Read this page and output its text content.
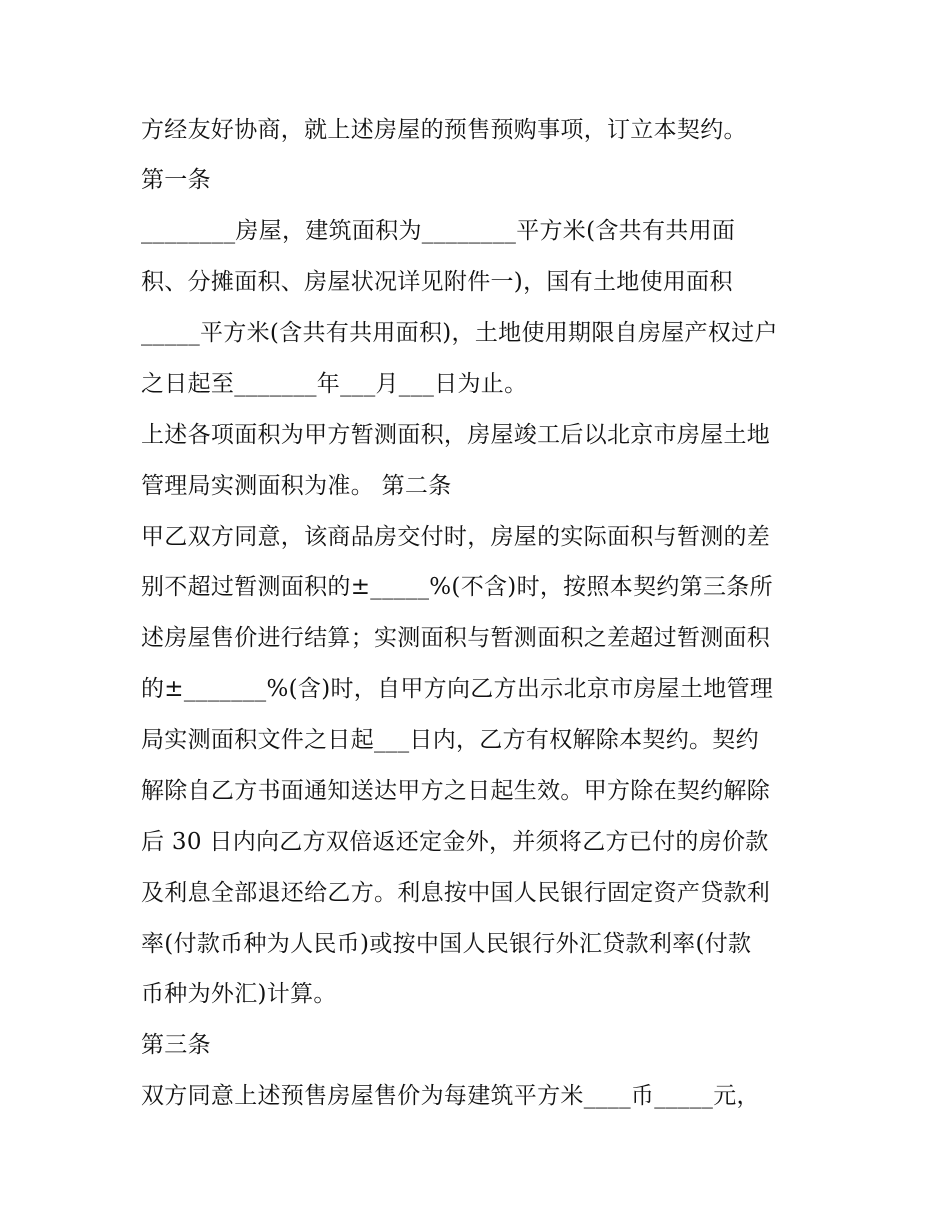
方经友好协商，就上述房屋的预售预购事项，订立本契约。
第一条
________房屋，建筑面积为________平方米(含共有共用面
积、分摊面积、房屋状况详见附件一)，国有土地使用面积
_____平方米(含共有共用面积)，土地使用期限自房屋产权过户
之日起至_______年___月___日为止。
上述各项面积为甲方暂测面积，房屋竣工后以北京市房屋土地
管理局实测面积为准。 第二条
甲乙双方同意，该商品房交付时，房屋的实际面积与暂测的差
别不超过暂测面积的±_____%(不含)时，按照本契约第三条所
述房屋售价进行结算；实测面积与暂测面积之差超过暂测面积
的±_______%(含)时，自甲方向乙方出示北京市房屋土地管理
局实测面积文件之日起___日内，乙方有权解除本契约。契约
解除自乙方书面通知送达甲方之日起生效。甲方除在契约解除
后 30 日内向乙方双倍返还定金外，并须将乙方已付的房价款
及利息全部退还给乙方。利息按中国人民银行固定资产贷款利
率(付款币种为人民币)或按中国人民银行外汇贷款利率(付款
币种为外汇)计算。
第三条
双方同意上述预售房屋售价为每建筑平方米____币_____元，
